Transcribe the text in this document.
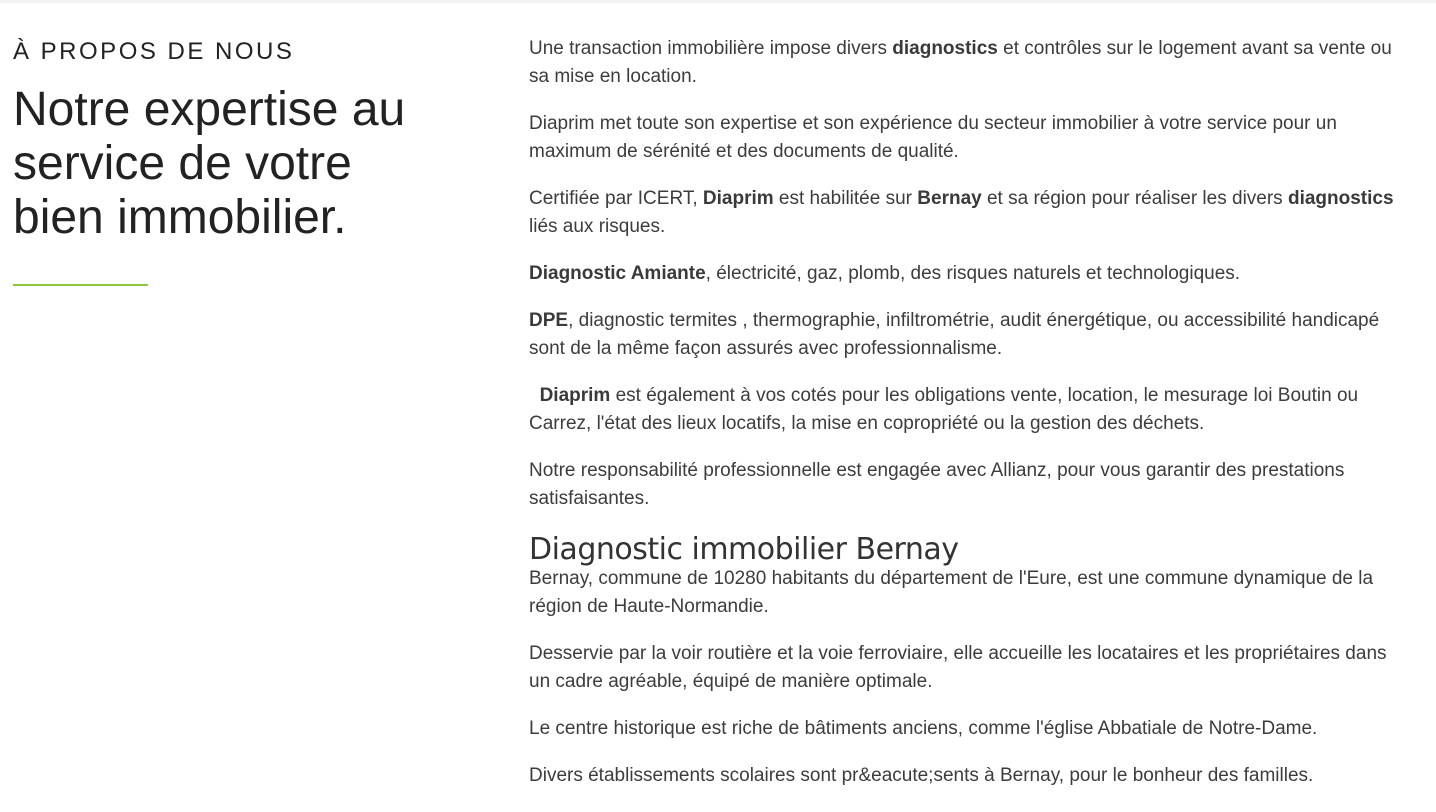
À PROPOS DE NOUS

Notre expertise au
service de votre
bien immobilier.

Une transaction immobilière impose divers diagnostics et contrôles sur le logement avant sa vente ou sa mise en location.

Diaprim met toute son expertise et son expérience du secteur immobilier à votre service pour un maximum de sérénité et des documents de qualité.

Certifiée par ICERT, Diaprim est habilitée sur Bernay et sa région pour réaliser les divers diagnostics liés aux risques.

Diagnostic Amiante, électricité, gaz, plomb, des risques naturels et technologiques.

DPE, diagnostic termites , thermographie, infiltrométrie, audit énergétique, ou accessibilité handicapé sont de la même façon assurés avec professionnalisme.

Diaprim est également à vos cotés pour les obligations vente, location, le mesurage loi Boutin ou Carrez, l'état des lieux locatifs, la mise en copropriété ou la gestion des déchets.

Notre responsabilité professionnelle est engagée avec Allianz, pour vous garantir des prestations satisfaisantes.

Diagnostic immobilier Bernay

Bernay, commune de 10280 habitants du département de l'Eure, est une commune dynamique de la région de Haute-Normandie.

Desservie par la voir routière et la voie ferroviaire, elle accueille les locataires et les propriétaires dans un cadre agréable, équipé de manière optimale.

Le centre historique est riche de bâtiments anciens, comme l'église Abbatiale de Notre-Dame.

Divers établissements scolaires sont pr&eacute;sents à Bernay, pour le bonheur des familles.
